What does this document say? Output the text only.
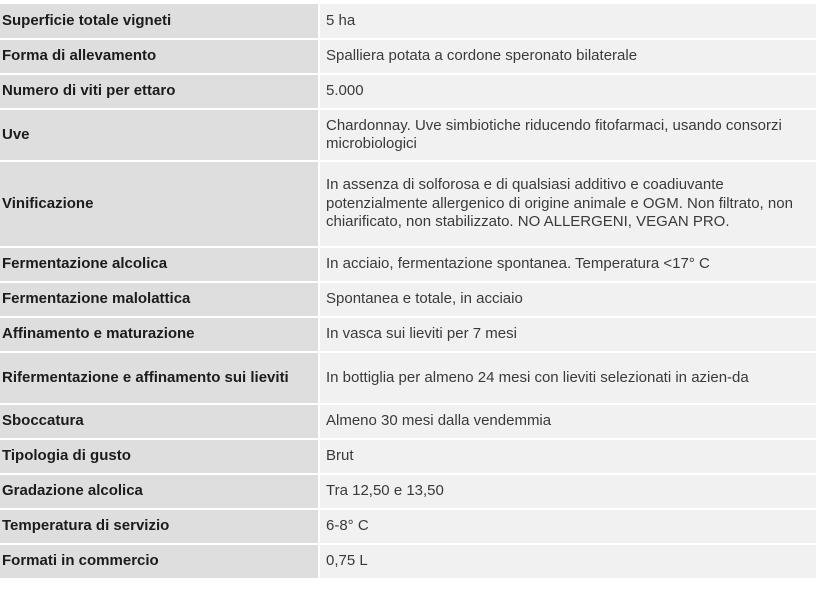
Superficie totale vigneti	5 ha
Forma di allevamento	Spalliera potata a cordone speronato bilaterale
Numero di viti per ettaro	5.000
Uve	Chardonnay. Uve simbiotiche riducendo fitofarmaci, usando consorzi microbiologici
Vinificazione	In assenza di solforosa e di qualsiasi additivo e coadiuvante potenzialmente allergenico di origine animale e OGM. Non filtrato, non chiarificato, non stabilizzato. NO ALLERGENI, VEGAN PRO.
Fermentazione alcolica	In acciaio, fermentazione spontanea. Temperatura <17° C
Fermentazione malolattica	Spontanea e totale, in acciaio
Affinamento e maturazione	In vasca sui lieviti per 7 mesi
Rifermentazione e affinamento sui lieviti	In bottiglia per almeno 24 mesi con lieviti selezionati in azien-da
Sboccatura	Almeno 30 mesi dalla vendemmia
Tipologia di gusto	Brut
Gradazione alcolica	Tra 12,50 e 13,50
Temperatura di servizio	6-8° C
Formati in commercio	0,75 L
